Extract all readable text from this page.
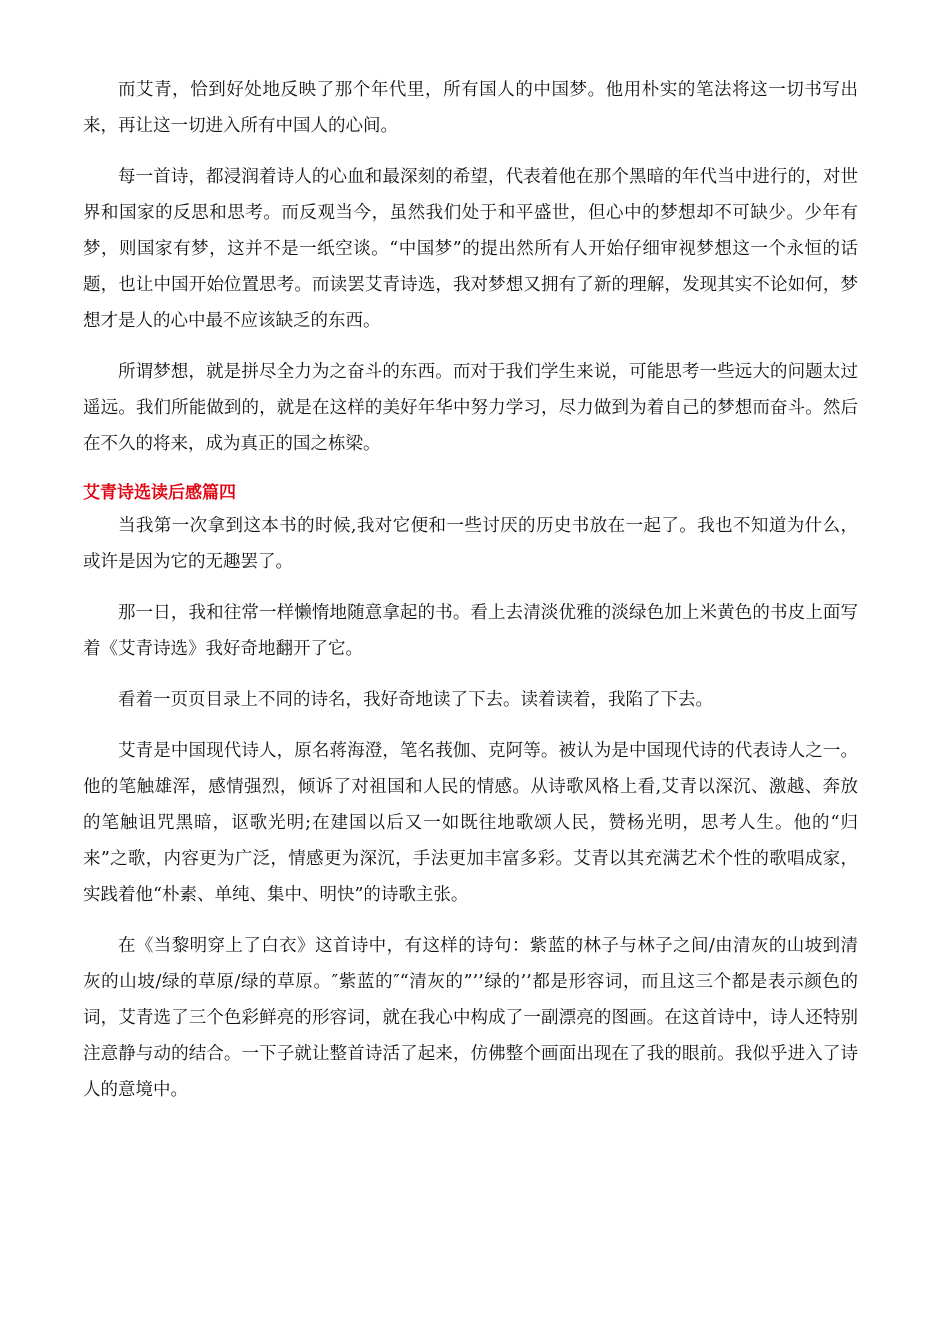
而艾青，恰到好处地反映了那个年代里，所有国人的中国梦。他用朴实的笔法将这一切书写出来，再让这一切进入所有中国人的心间。

每一首诗，都浸润着诗人的心血和最深刻的希望，代表着他在那个黑暗的年代当中进行的，对世界和国家的反思和思考。而反观当今，虽然我们处于和平盛世，但心中的梦想却不可缺少。少年有梦，则国家有梦，这并不是一纸空谈。“中国梦”的提出然所有人开始仔细审视梦想这一个永恒的话题，也让中国开始位置思考。而读罢艾青诗选，我对梦想又拥有了新的理解，发现其实不论如何，梦想才是人的心中最不应该缺乏的东西。

所谓梦想，就是拼尽全力为之奋斗的东西。而对于我们学生来说，可能思考一些远大的问题太过遥远。我们所能做到的，就是在这样的美好年华中努力学习，尽力做到为着自己的梦想而奋斗。然后在不久的将来，成为真正的国之栋梁。

艾青诗选读后感篇四

当我第一次拿到这本书的时候,我对它便和一些讨厌的历史书放在一起了。我也不知道为什么，或许是因为它的无趣罢了。

那一日，我和往常一样懒惰地随意拿起的书。看上去清淡优雅的淡绿色加上米黄色的书皮上面写着《艾青诗选》我好奇地翻开了它。

看着一页页目录上不同的诗名，我好奇地读了下去。读着读着，我陷了下去。

艾青是中国现代诗人，原名蒋海澄，笔名莪伽、克阿等。被认为是中国现代诗的代表诗人之一。他的笔触雄浑，感情强烈，倾诉了对祖国和人民的情感。从诗歌风格上看,艾青以深沉、激越、奔放的笔触诅咒黑暗，讴歌光明;在建国以后又一如既往地歌颂人民，赞杨光明，思考人生。他的“归来”之歌，内容更为广泛，情感更为深沉，手法更加丰富多彩。艾青以其充满艺术个性的歌唱成家，实践着他“朴素、单纯、集中、明快”的诗歌主张。

在《当黎明穿上了白衣》这首诗中，有这样的诗句：紫蓝的林子与林子之间/由清灰的山坡到清灰的山坡/绿的草原/绿的草原。″紫蓝的″“清灰的”’’绿的’’都是形容词，而且这三个都是表示颜色的词，艾青选了三个色彩鲜亮的形容词，就在我心中构成了一副漂亮的图画。在这首诗中，诗人还特别注意静与动的结合。一下子就让整首诗活了起来，仿佛整个画面出现在了我的眼前。我似乎进入了诗人的意境中。
